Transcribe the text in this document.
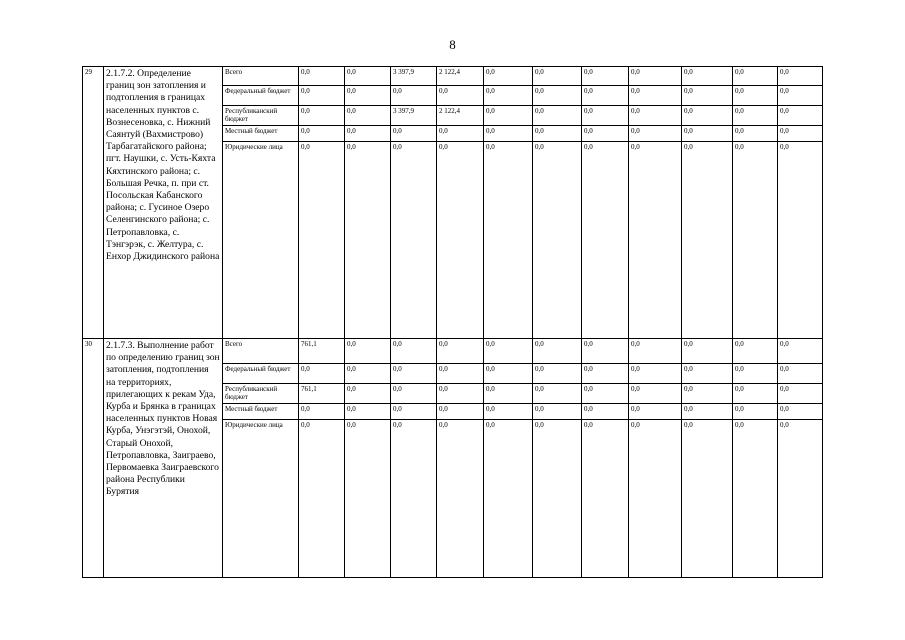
8
29	2.1.7.2. Определение границ зон затопления и подтопления в границах населенных пунктов с. Вознесеновка, с. Нижний Саянтуй (Вахмистрово) Тарбагатайского района; пгт. Наушки, с. Усть-Кяхта Кяхтинского района; с. Большая Речка, п. при ст. Посольская Кабанского района; с. Гусиное Озеро Селенгинского района; с. Петропавловка, с. Тэнгэрэк, с. Желтура, с. Енхор Джидинского района	Всего	0,0	0,0	3 397,9	2 122,4	0,0	0,0	0,0	0,0	0,0	0,0	0,0
		Федеральный бюджет	0,0	0,0	0,0	0,0	0,0	0,0	0,0	0,0	0,0	0,0	0,0
		Республиканский бюджет	0,0	0,0	3 397,9	2 122,4	0,0	0,0	0,0	0,0	0,0	0,0	0,0
		Местный бюджет	0,0	0,0	0,0	0,0	0,0	0,0	0,0	0,0	0,0	0,0	0,0
		Юридические лица	0,0	0,0	0,0	0,0	0,0	0,0	0,0	0,0	0,0	0,0	0,0
30	2.1.7.3. Выполнение работ по определению границ зон затопления, подтопления на территориях, прилегающих к рекам Уда, Курба и Брянка в границах населенных пунктов Новая Курба, Унэгэтэй, Онохой, Старый Онохой, Петропавловка, Заиграево, Первомаевка Заиграевского района Республики Бурятия	Всего	761,1	0,0	0,0	0,0	0,0	0,0	0,0	0,0	0,0	0,0	0,0
		Федеральный бюджет	0,0	0,0	0,0	0,0	0,0	0,0	0,0	0,0	0,0	0,0	0,0
		Республиканский бюджет	761,1	0,0	0,0	0,0	0,0	0,0	0,0	0,0	0,0	0,0	0,0
		Местный бюджет	0,0	0,0	0,0	0,0	0,0	0,0	0,0	0,0	0,0	0,0	0,0
		Юридические лица	0,0	0,0	0,0	0,0	0,0	0,0	0,0	0,0	0,0	0,0	0,0
